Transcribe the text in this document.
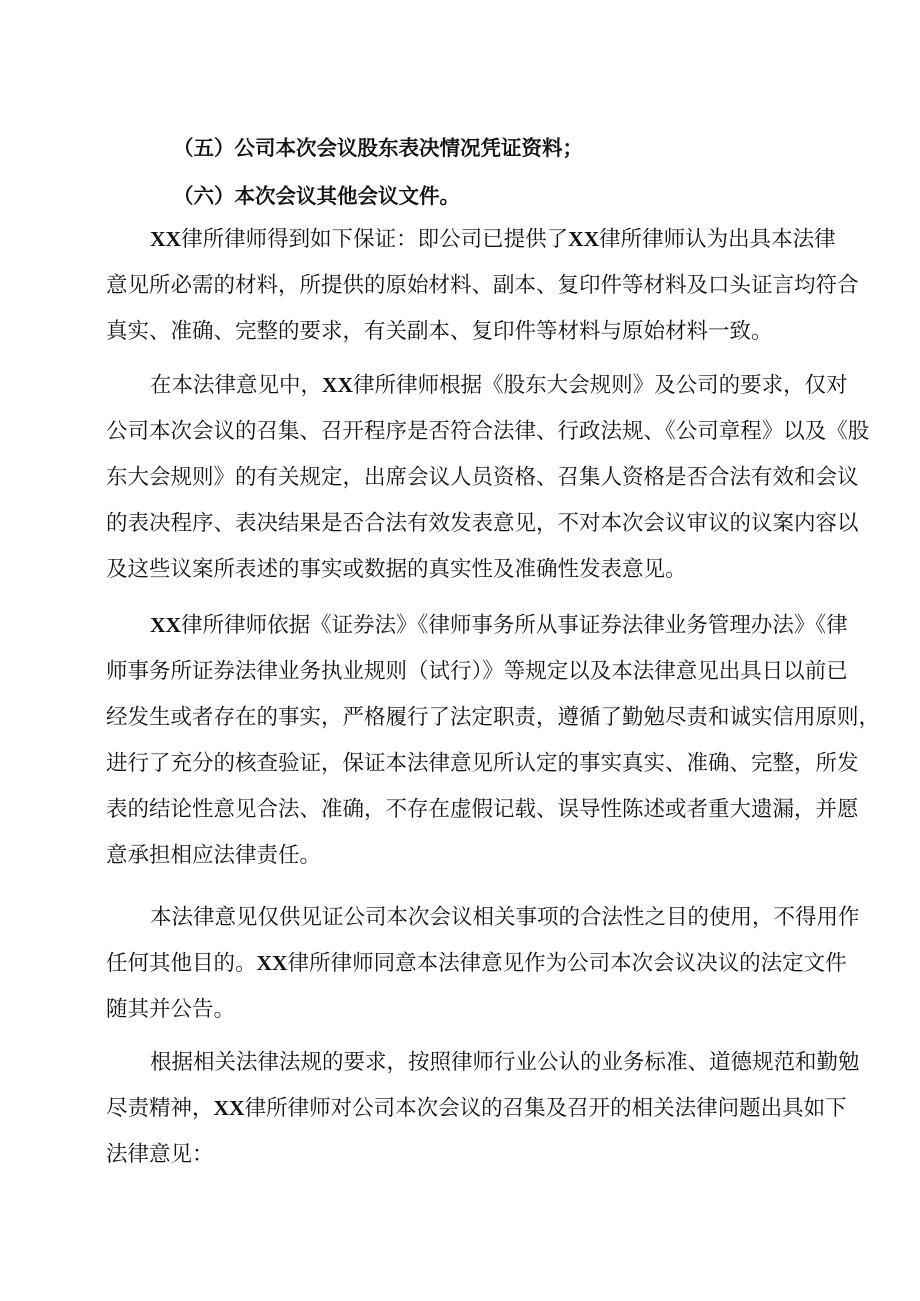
（五）公司本次会议股东表决情况凭证资料；
（六）本次会议其他会议文件。

XX律所律师得到如下保证：即公司已提供了XX律所律师认为出具本法律
意见所必需的材料，所提供的原始材料、副本、复印件等材料及口头证言均符合
真实、准确、完整的要求，有关副本、复印件等材料与原始材料一致。

在本法律意见中，XX律所律师根据《股东大会规则》及公司的要求，仅对
公司本次会议的召集、召开程序是否符合法律、行政法规、《公司章程》以及《股
东大会规则》的有关规定，出席会议人员资格、召集人资格是否合法有效和会议
的表决程序、表决结果是否合法有效发表意见，不对本次会议审议的议案内容以
及这些议案所表述的事实或数据的真实性及准确性发表意见。

XX律所律师依据《证券法》《律师事务所从事证券法律业务管理办法》《律
师事务所证券法律业务执业规则（试行）》等规定以及本法律意见出具日以前已
经发生或者存在的事实，严格履行了法定职责，遵循了勤勉尽责和诚实信用原则，
进行了充分的核查验证，保证本法律意见所认定的事实真实、准确、完整，所发
表的结论性意见合法、准确，不存在虚假记载、误导性陈述或者重大遗漏，并愿
意承担相应法律责任。

本法律意见仅供见证公司本次会议相关事项的合法性之目的使用，不得用作
任何其他目的。XX律所律师同意本法律意见作为公司本次会议决议的法定文件
随其并公告。

根据相关法律法规的要求，按照律师行业公认的业务标准、道德规范和勤勉
尽责精神，XX律所律师对公司本次会议的召集及召开的相关法律问题出具如下
法律意见：
